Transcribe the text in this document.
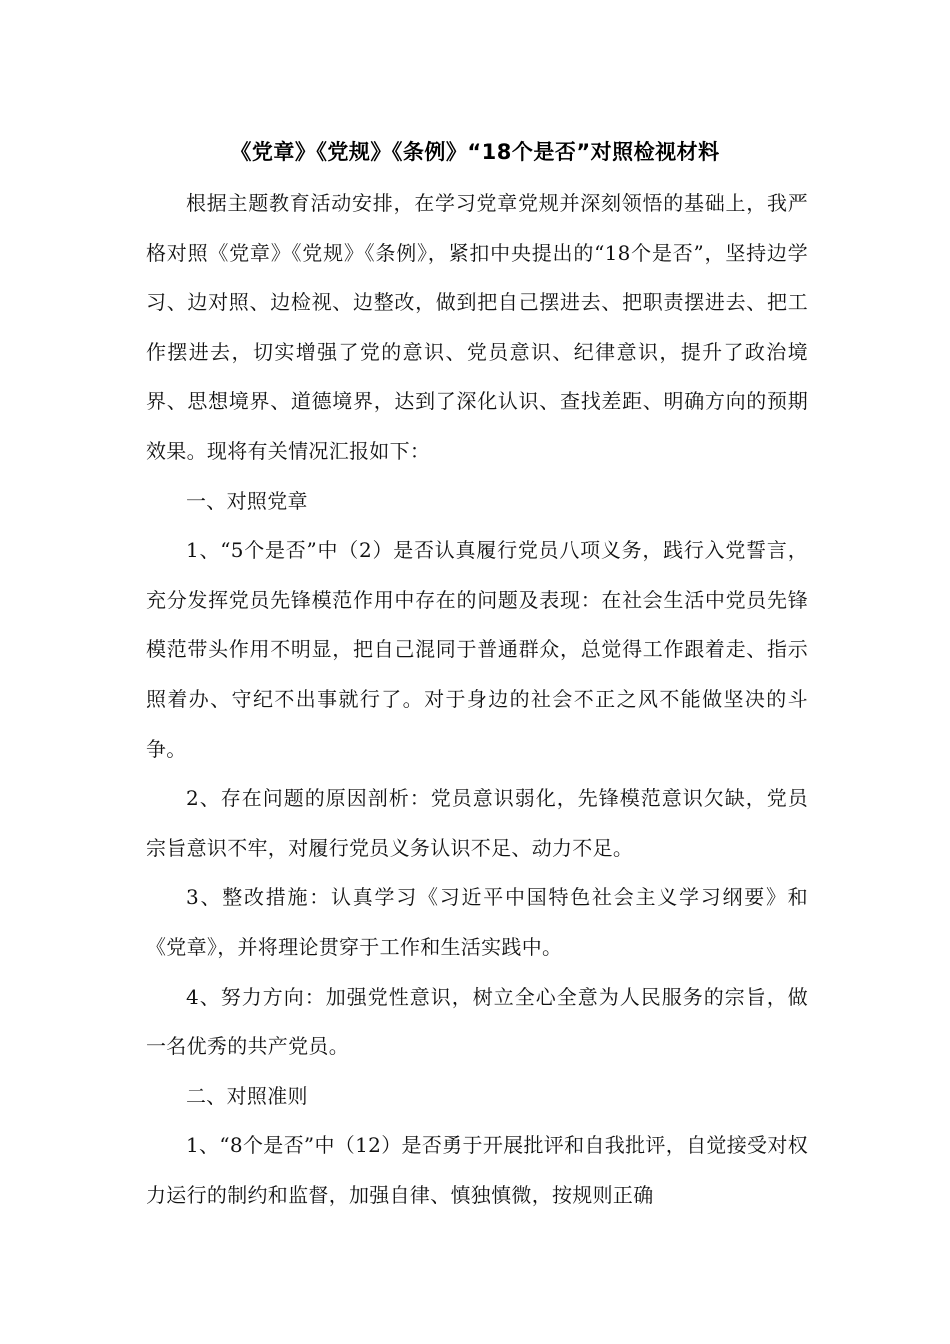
《党章》《党规》《条例》“18个是否”对照检视材料

根据主题教育活动安排，在学习党章党规并深刻领悟的基础上，我严格对照《党章》《党规》《条例》，紧扣中央提出的“18个是否”，坚持边学习、边对照、边检视、边整改，做到把自己摆进去、把职责摆进去、把工作摆进去，切实增强了党的意识、党员意识、纪律意识，提升了政治境界、思想境界、道德境界，达到了深化认识、查找差距、明确方向的预期效果。现将有关情况汇报如下：

一、对照党章

1、“5个是否”中（2）是否认真履行党员八项义务，践行入党誓言，充分发挥党员先锋模范作用中存在的问题及表现：在社会生活中党员先锋模范带头作用不明显，把自己混同于普通群众，总觉得工作跟着走、指示照着办、守纪不出事就行了。对于身边的社会不正之风不能做坚决的斗争。

2、存在问题的原因剖析：党员意识弱化，先锋模范意识欠缺，党员宗旨意识不牢，对履行党员义务认识不足、动力不足。

3、整改措施：认真学习《习近平中国特色社会主义学习纲要》和《党章》，并将理论贯穿于工作和生活实践中。

4、努力方向：加强党性意识，树立全心全意为人民服务的宗旨，做一名优秀的共产党员。

二、对照准则

1、“8个是否”中（12）是否勇于开展批评和自我批评，自觉接受对权力运行的制约和监督，加强自律、慎独慎微，按规则正确
